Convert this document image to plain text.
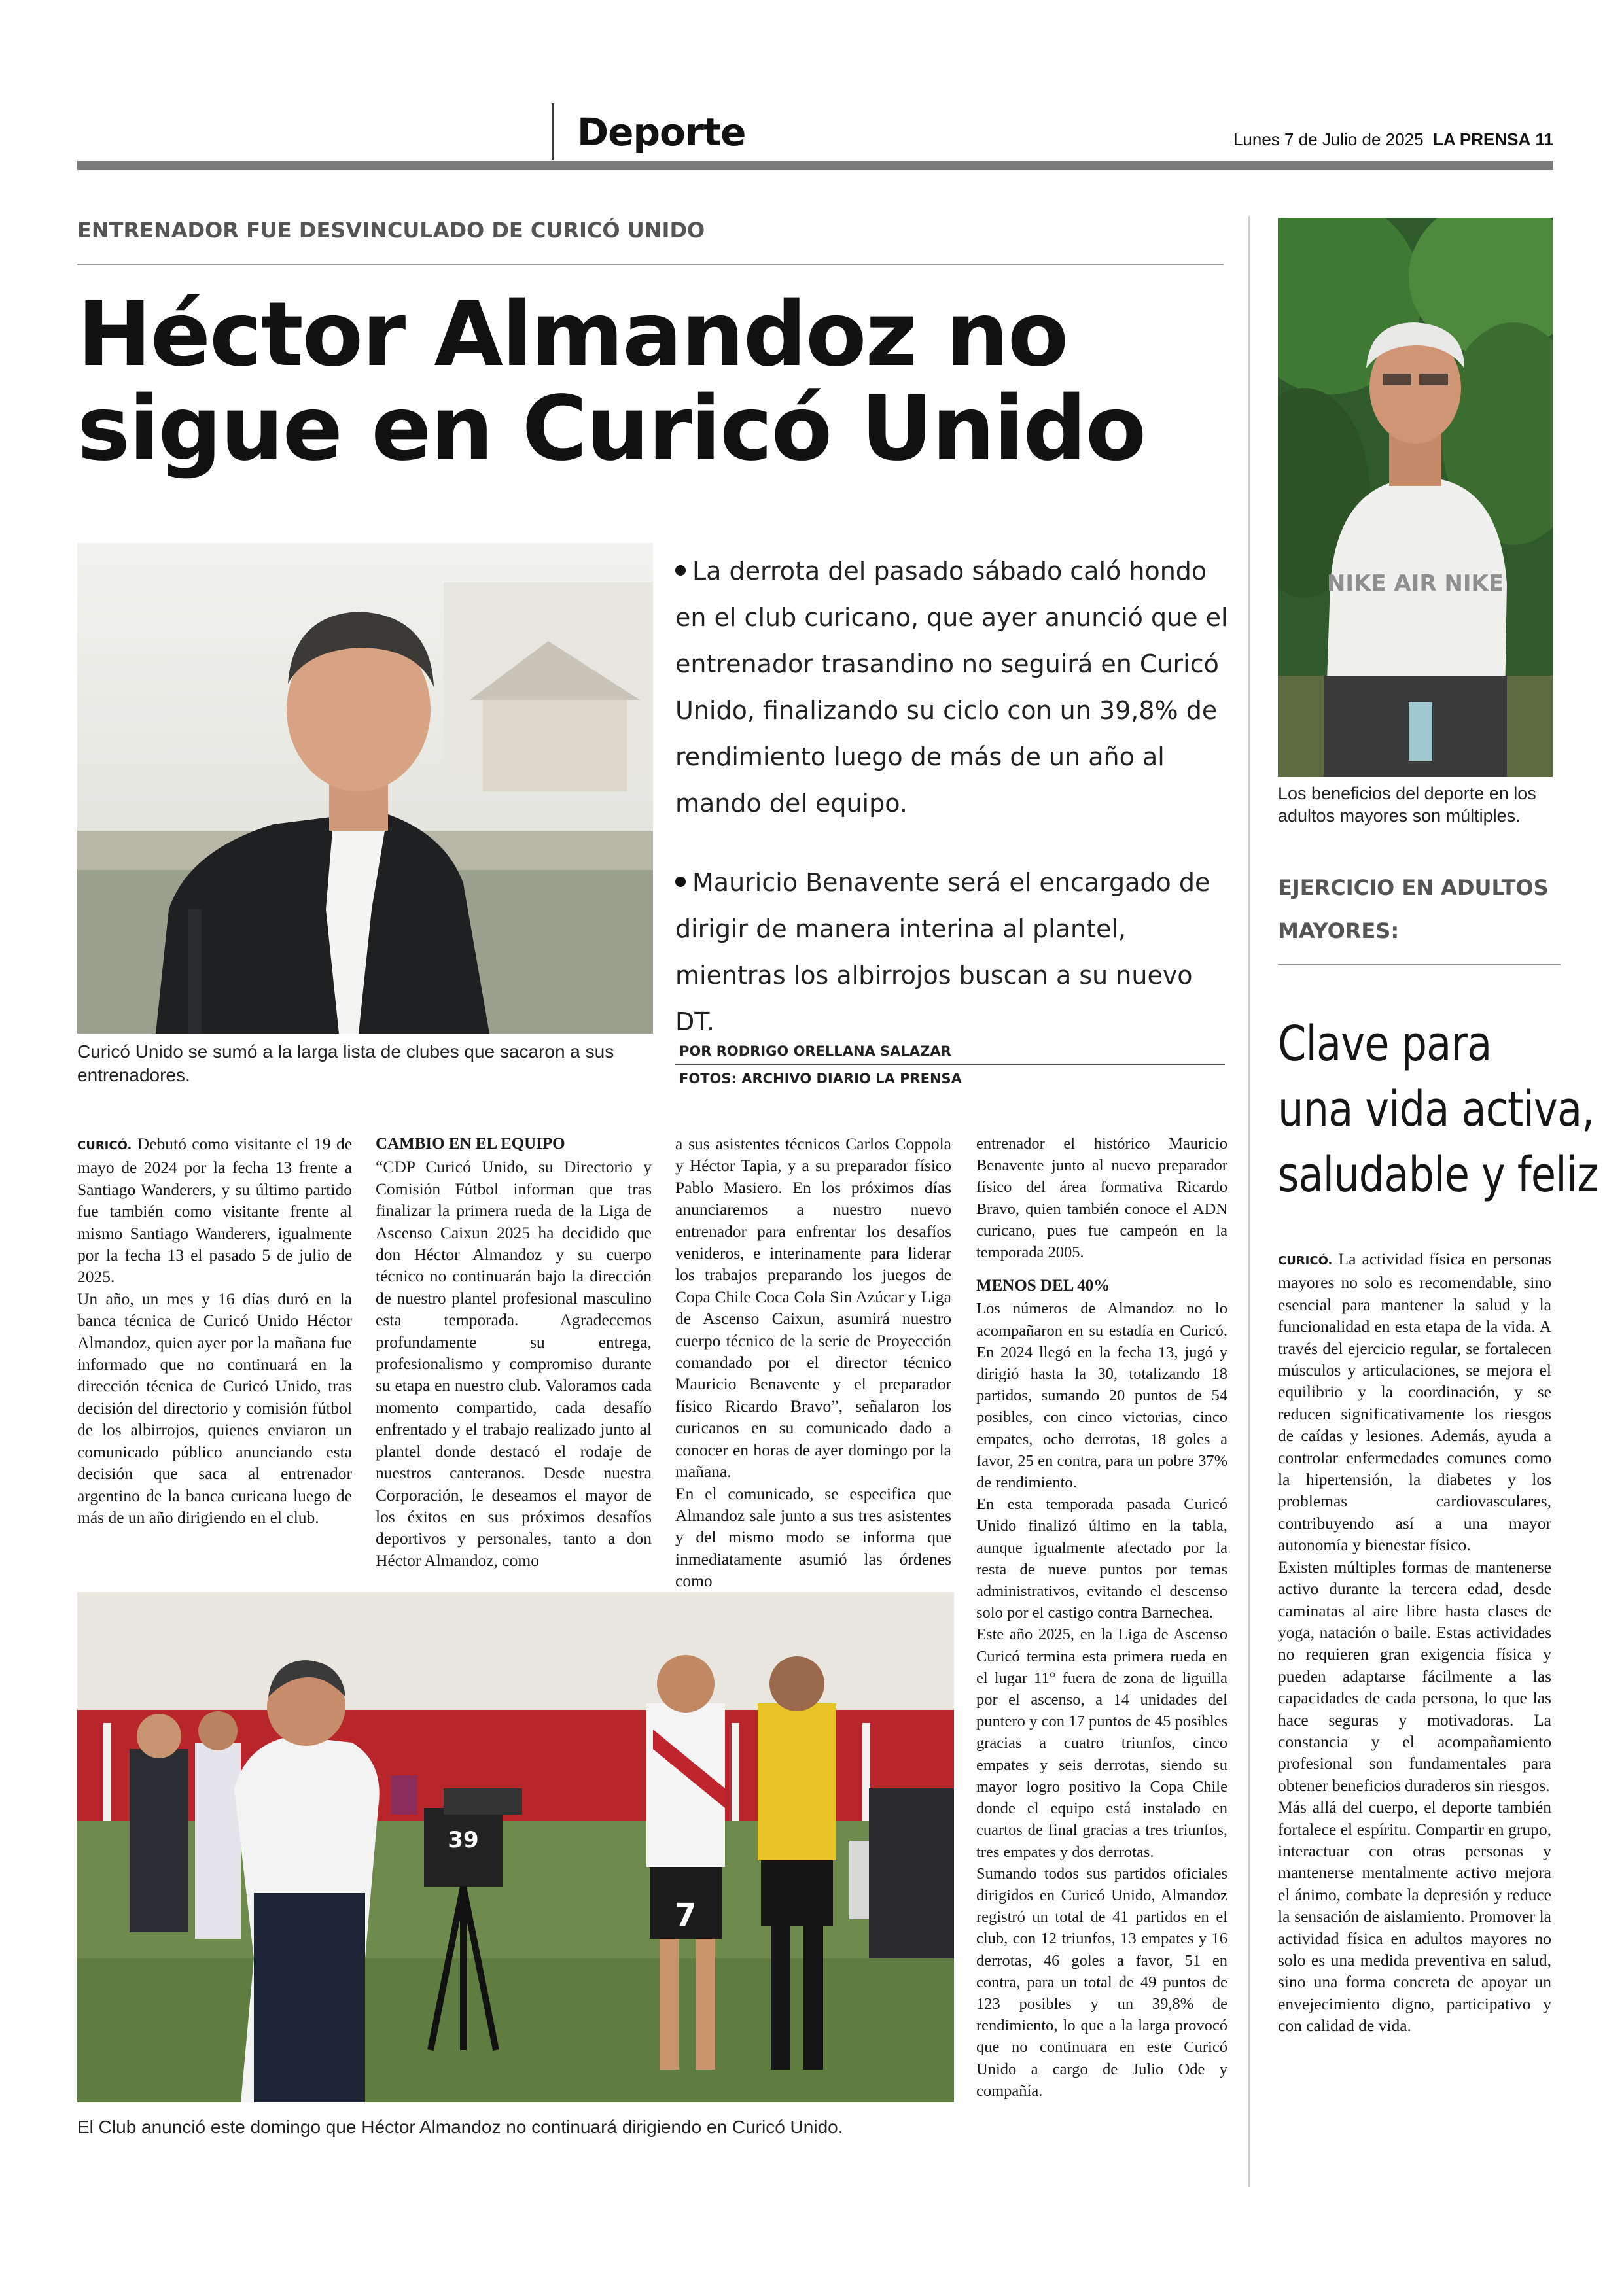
Deporte	Lunes 7 de Julio de 2025 LA PRENSA 11
ENTRENADOR FUE DESVINCULADO DE CURICÓ UNIDO
Héctor Almandoz no
sigue en Curicó Unido
Curicó Unido se sumó a la larga lista de clubes que sacaron a sus entrenadores.
La derrota del pasado sábado caló hondo en el club curicano, que ayer anunció que el entrenador trasandino no seguirá en Curicó Unido, finalizando su ciclo con un 39,8% de rendimiento luego de más de un año al mando del equipo.
Mauricio Benavente será el encargado de dirigir de manera interina al plantel, mientras los albirrojos buscan a su nuevo DT.
POR RODRIGO ORELLANA SALAZAR
FOTOS: ARCHIVO DIARIO LA PRENSA

CURICÓ. Debutó como visitante el 19 de mayo de 2024 por la fecha 13 frente a Santiago Wanderers, y su último partido fue también como visitante frente al mismo Santiago Wanderers, igualmente por la fecha 13 el pasado 5 de julio de 2025.

Un año, un mes y 16 días duró en la banca técnica de Curicó Unido Héctor Almandoz, quien ayer por la mañana fue informado que no continuará en la dirección técnica de Curicó Unido, tras decisión del directorio y comisión fútbol de los albirrojos, quienes enviaron un comunicado público anunciando esta decisión que saca al entrenador argentino de la banca curicana luego de más de un año dirigiendo en el club.

CAMBIO EN EL EQUIPO

“CDP Curicó Unido, su Directorio y Comisión Fútbol informan que tras finalizar la primera rueda de la Liga de Ascenso Caixun 2025 ha decidido que don Héctor Almandoz y su cuerpo técnico no continuarán bajo la dirección de nuestro plantel profesional masculino esta temporada. Agradecemos profundamente su entrega, profesionalismo y compromiso durante su etapa en nuestro club. Valoramos cada momento compartido, cada desafío enfrentado y el trabajo realizado junto al plantel donde destacó el rodaje de nuestros canteranos. Desde nuestra Corporación, le deseamos el mayor de los éxitos en sus próximos desafíos deportivos y personales, tanto a don Héctor Almandoz, como

a sus asistentes técnicos Carlos Coppola y Héctor Tapia, y a su preparador físico Pablo Masiero. En los próximos días anunciaremos a nuestro nuevo entrenador para enfrentar los desafíos venideros, e interinamente para liderar los trabajos preparando los juegos de Copa Chile Coca Cola Sin Azúcar y Liga de Ascenso Caixun, asumirá nuestro cuerpo técnico de la serie de Proyección comandado por el director técnico Mauricio Benavente y el preparador físico Ricardo Bravo”, señalaron los curicanos en su comunicado dado a conocer en horas de ayer domingo por la mañana.

En el comunicado, se especifica que Almandoz sale junto a sus tres asistentes y del mismo modo se informa que inmediatamente asumió las órdenes como

entrenador el histórico Mauricio Benavente junto al nuevo preparador físico del área formativa Ricardo Bravo, quien también conoce el ADN curicano, pues fue campeón en la temporada 2005.

MENOS DEL 40%

Los números de Almandoz no lo acompañaron en su estadía en Curicó. En 2024 llegó en la fecha 13, jugó y dirigió hasta la 30, totalizando 18 partidos, sumando 20 puntos de 54 posibles, con cinco victorias, cinco empates, ocho derrotas, 18 goles a favor, 25 en contra, para un pobre 37% de rendimiento.

En esta temporada pasada Curicó Unido finalizó último en la tabla, aunque igualmente afectado por la resta de nueve puntos por temas administrativos, evitando el descenso solo por el castigo contra Barnechea.

Este año 2025, en la Liga de Ascenso Curicó termina esta primera rueda en el lugar 11° fuera de zona de liguilla por el ascenso, a 14 unidades del puntero y con 17 puntos de 45 posibles gracias a cuatro triunfos, cinco empates y seis derrotas, siendo su mayor logro positivo la Copa Chile donde el equipo está instalado en cuartos de final gracias a tres triunfos, tres empates y dos derrotas.

Sumando todos sus partidos oficiales dirigidos en Curicó Unido, Almandoz registró un total de 41 partidos en el club, con 12 triunfos, 13 empates y 16 derrotas, 46 goles a favor, 51 en contra, para un total de 49 puntos de 123 posibles y un 39,8% de rendimiento, lo que a la larga provocó que no continuara en este Curicó Unido a cargo de Julio Ode y compañía.

39
7
El Club anunció este domingo que Héctor Almandoz no continuará dirigiendo en Curicó Unido.
NIKE AIR NIKE
Los beneficios del deporte en los adultos mayores son múltiples.
EJERCICIO EN ADULTOS MAYORES:
Clave para
una vida activa,
saludable y feliz

CURICÓ. La actividad física en personas mayores no solo es recomendable, sino esencial para mantener la salud y la funcionalidad en esta etapa de la vida. A través del ejercicio regular, se fortalecen músculos y articulaciones, se mejora el equilibrio y la coordinación, y se reducen significativamente los riesgos de caídas y lesiones. Además, ayuda a controlar enfermedades comunes como la hipertensión, la diabetes y los problemas cardiovasculares, contribuyendo así a una mayor autonomía y bienestar físico.

Existen múltiples formas de mantenerse activo durante la tercera edad, desde caminatas al aire libre hasta clases de yoga, natación o baile. Estas actividades no requieren gran exigencia física y pueden adaptarse fácilmente a las capacidades de cada persona, lo que las hace seguras y motivadoras. La constancia y el acompañamiento profesional son fundamentales para obtener beneficios duraderos sin riesgos.

Más allá del cuerpo, el deporte también fortalece el espíritu. Compartir en grupo, interactuar con otras personas y mantenerse mentalmente activo mejora el ánimo, combate la depresión y reduce la sensación de aislamiento. Promover la actividad física en adultos mayores no solo es una medida preventiva en salud, sino una forma concreta de apoyar un envejecimiento digno, participativo y con calidad de vida.
